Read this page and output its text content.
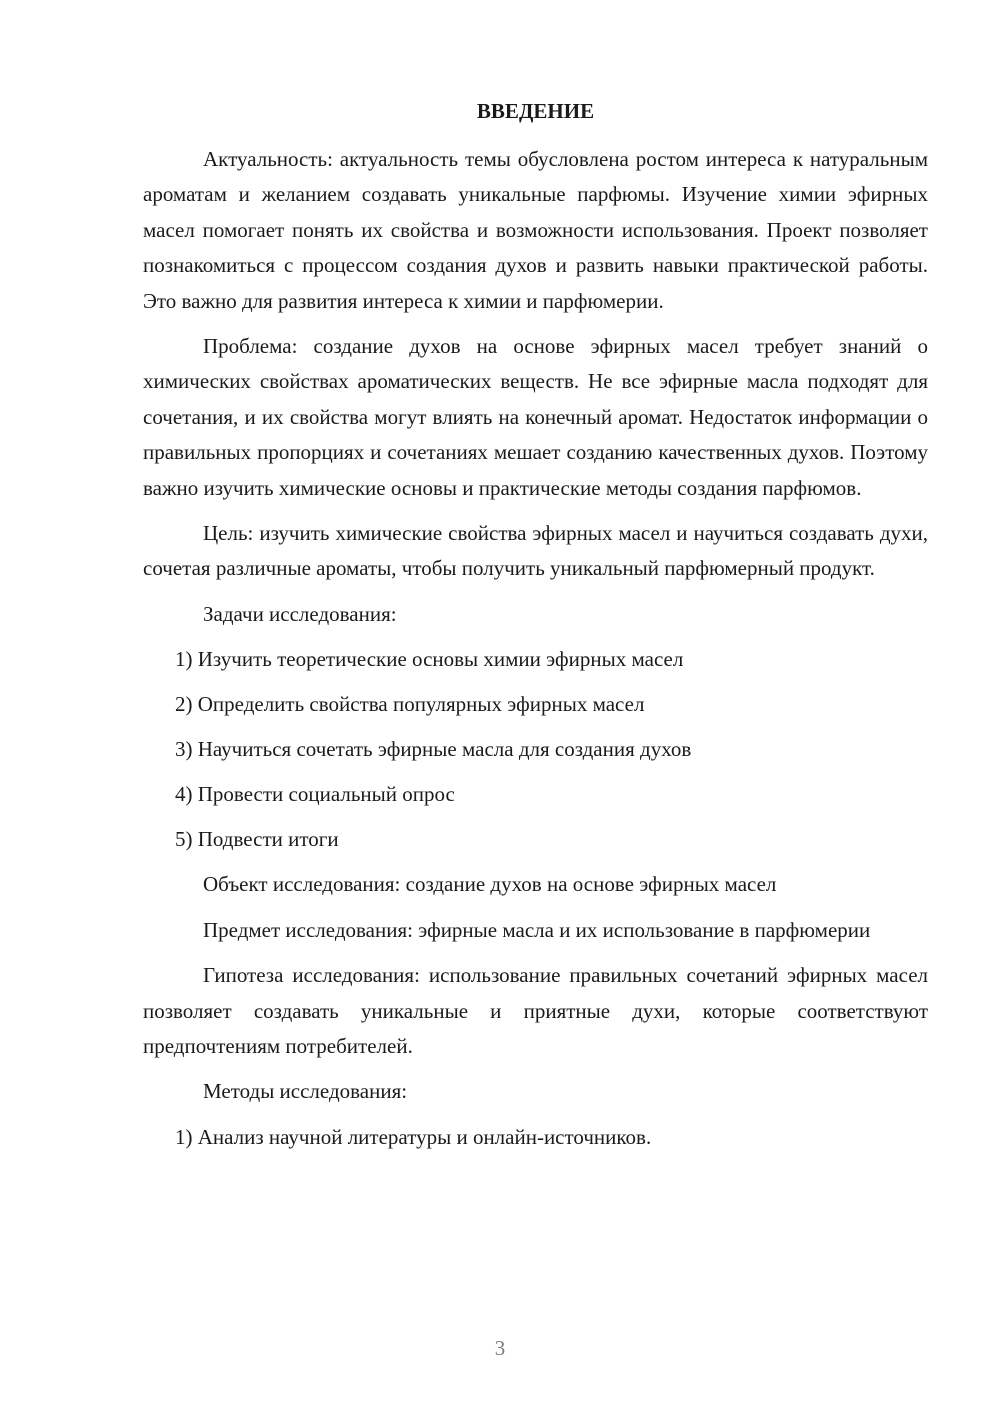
ВВЕДЕНИЕ

Актуальность: актуальность темы обусловлена ростом интереса к натуральным ароматам и желанием создавать уникальные парфюмы. Изучение химии эфирных масел помогает понять их свойства и возможности использования. Проект позволяет познакомиться с процессом создания духов и развить навыки практической работы. Это важно для развития интереса к химии и парфюмерии.

Проблема: создание духов на основе эфирных масел требует знаний о химических свойствах ароматических веществ. Не все эфирные масла подходят для сочетания, и их свойства могут влиять на конечный аромат. Недостаток информации о правильных пропорциях и сочетаниях мешает созданию качественных духов. Поэтому важно изучить химические основы и практические методы создания парфюмов.

Цель: изучить химические свойства эфирных масел и научиться создавать духи, сочетая различные ароматы, чтобы получить уникальный парфюмерный продукт.

Задачи исследования:

1) Изучить теоретические основы химии эфирных масел
2) Определить свойства популярных эфирных масел
3) Научиться сочетать эфирные масла для создания духов
4) Провести социальный опрос
5) Подвести итоги

Объект исследования: создание духов на основе эфирных масел

Предмет исследования: эфирные масла и их использование в парфюмерии

Гипотеза исследования: использование правильных сочетаний эфирных масел позволяет создавать уникальные и приятные духи, которые соответствуют предпочтениям потребителей.

Методы исследования:

1) Анализ научной литературы и онлайн-источников.
3
